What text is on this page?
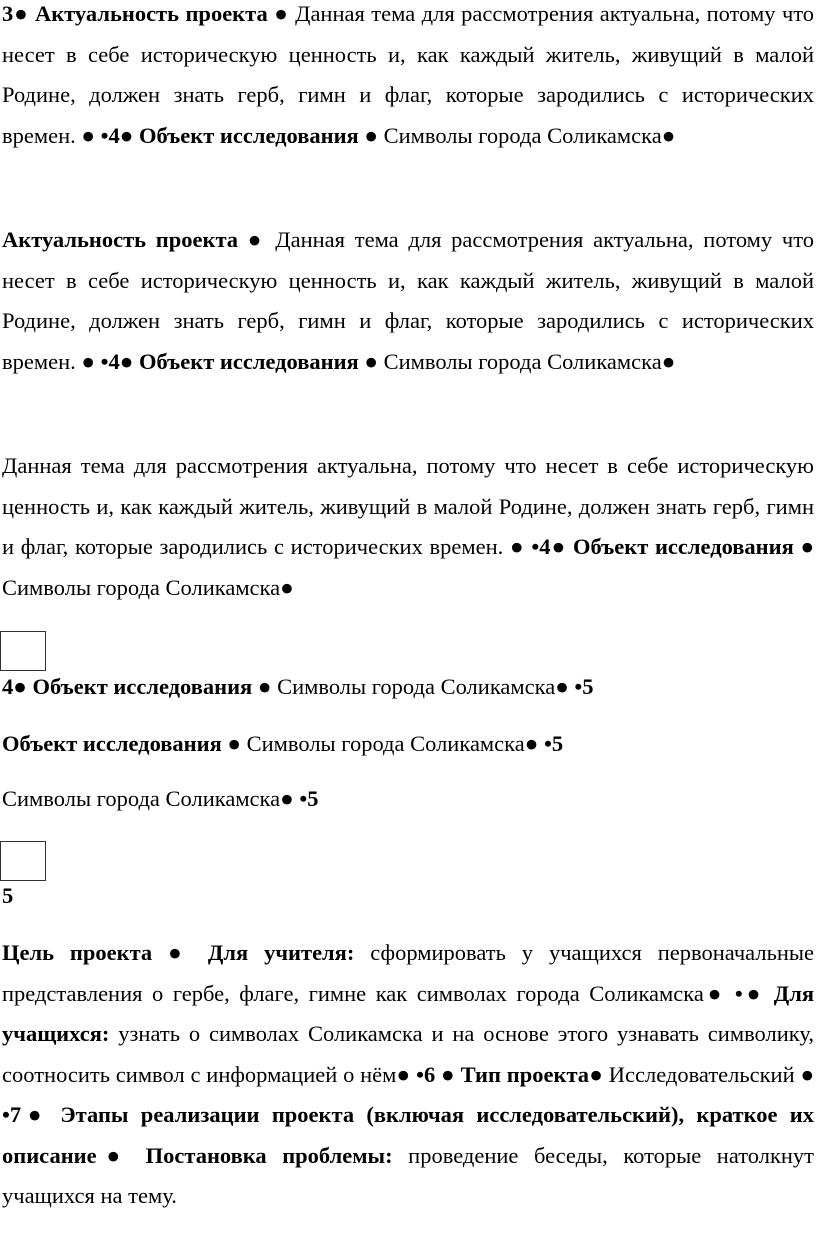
3● Актуальность проекта ● Данная тема для рассмотрения актуальна, потому что несет в себе историческую ценность и, как каждый житель, живущий в малой Родине, должен знать герб, гимн и флаг, которые зародились с исторических времен. ● •4● Объект исследования ● Символы города Соликамска●
Актуальность проекта ● Данная тема для рассмотрения актуальна, потому что несет в себе историческую ценность и, как каждый житель, живущий в малой Родине, должен знать герб, гимн и флаг, которые зародились с исторических времен. ● •4● Объект исследования ● Символы города Соликамска●
Данная тема для рассмотрения актуальна, потому что несет в себе историческую ценность и, как каждый житель, живущий в малой Родине, должен знать герб, гимн и флаг, которые зародились с исторических времен. ● •4● Объект исследования ● Символы города Соликамска●
4● Объект исследования ● Символы города Соликамска● •5
Объект исследования ● Символы города Соликамска● •5
Символы города Соликамска● •5
5
Цель проекта ● Для учителя: сформировать у учащихся первоначальные представления о гербе, флаге, гимне как символах города Соликамска● •● Для учащихся: узнать о символах Соликамска и на основе этого узнавать символику, соотносить символ с информацией о нём● •6 ● Тип проекта● Исследовательский ● •7● Этапы реализации проекта (включая исследовательский), краткое их описание● Постановка проблемы: проведение беседы, которые натолкнут учащихся на тему.
